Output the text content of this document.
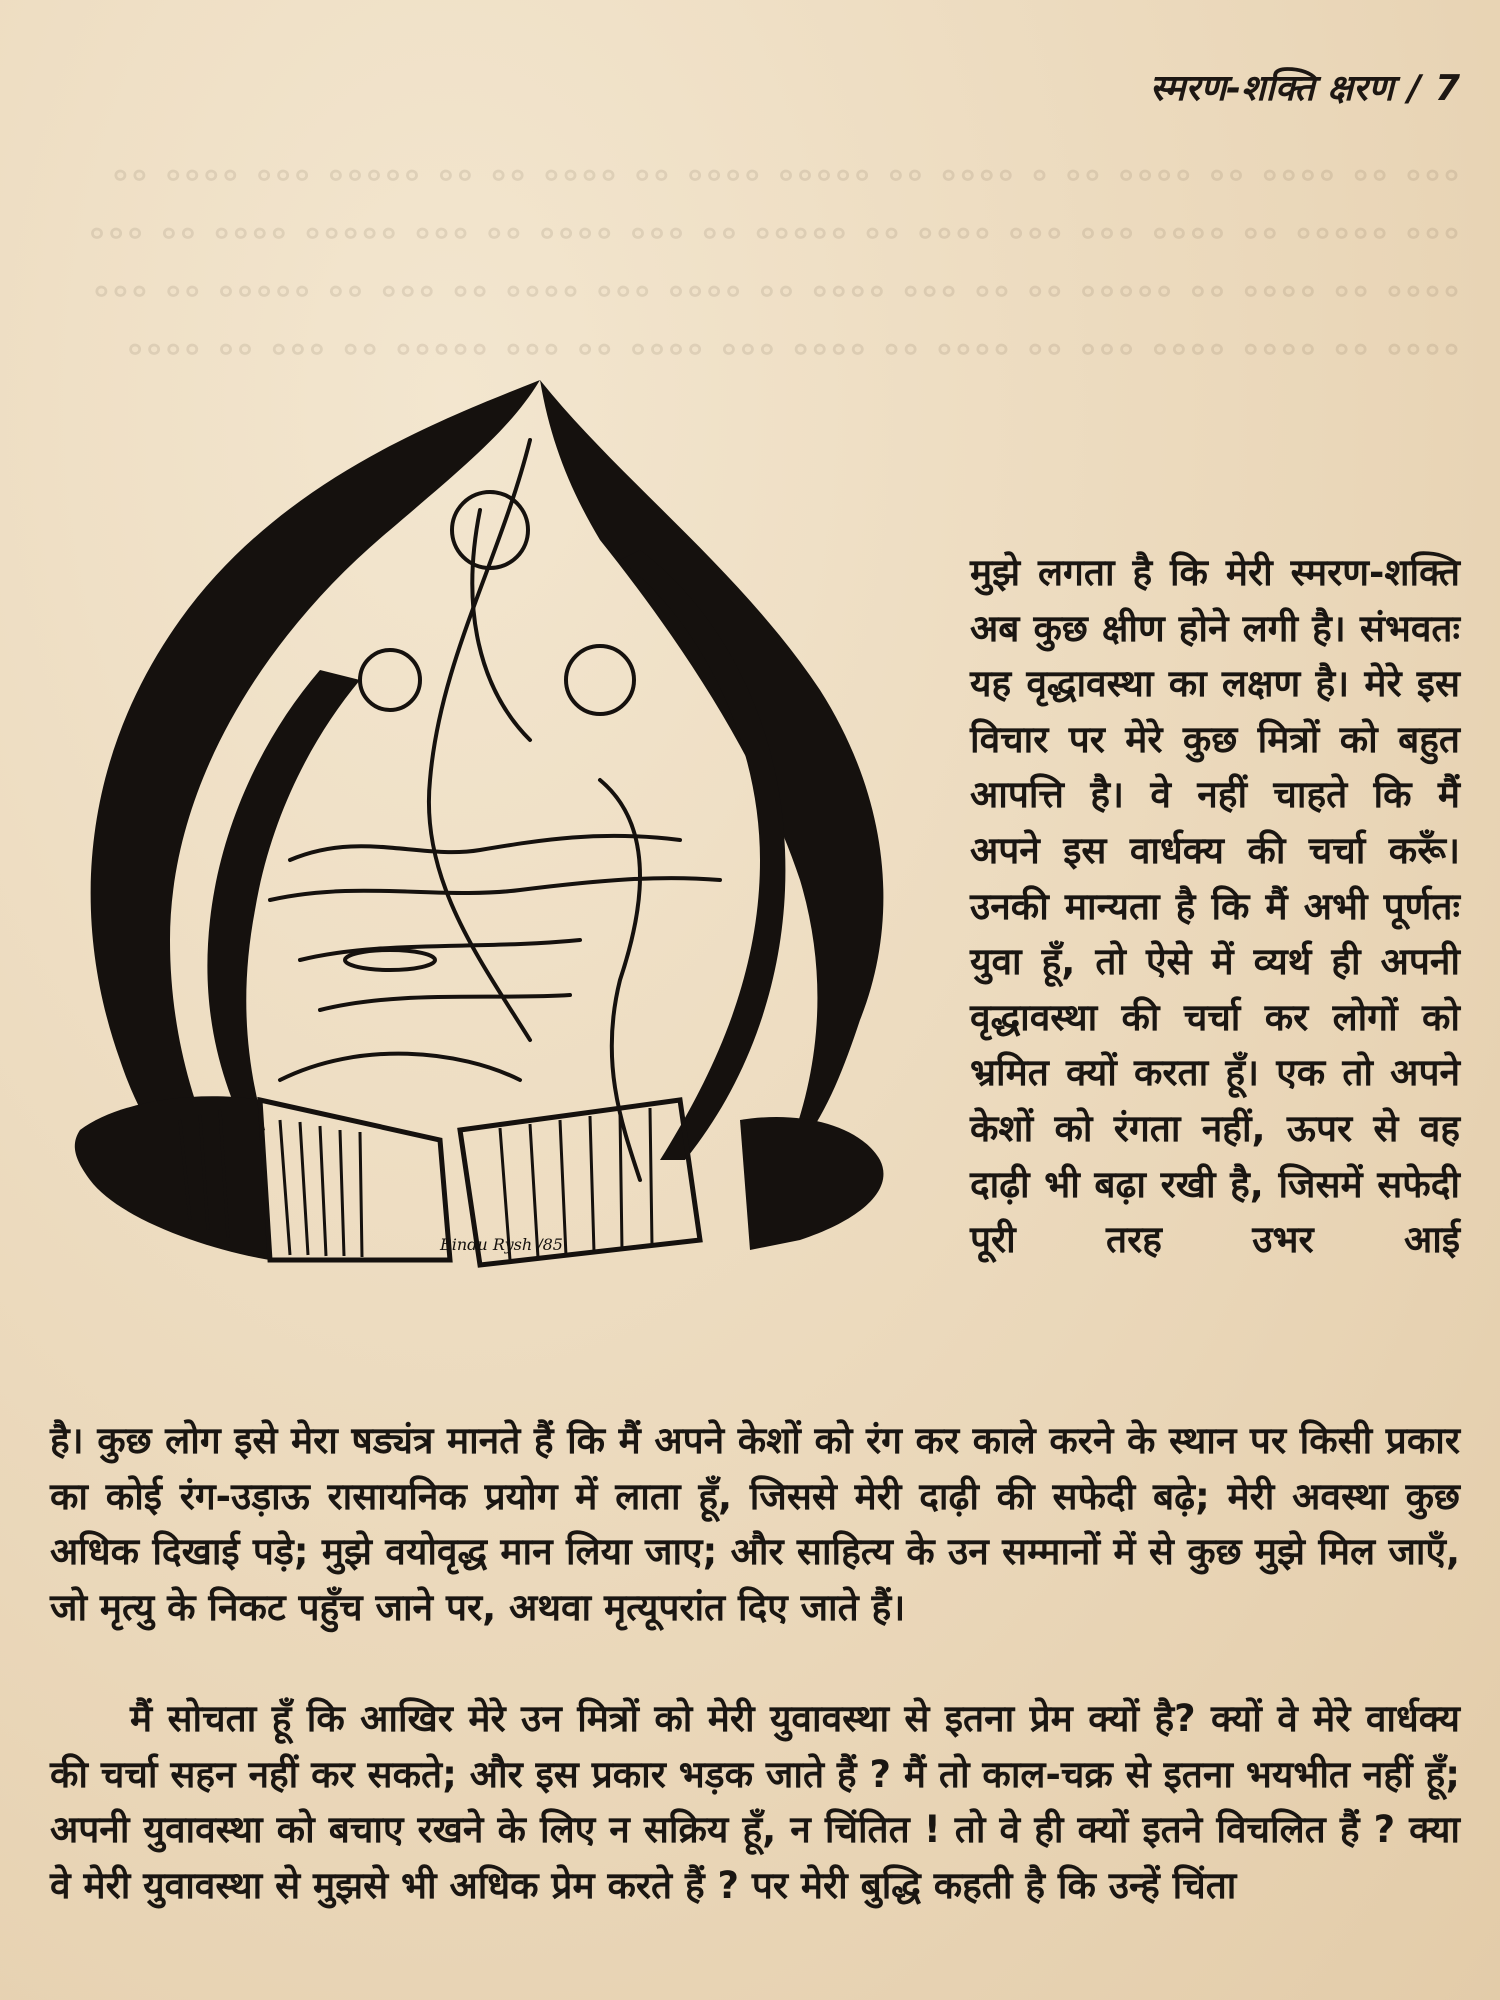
॰॰॰ ॰॰ ॰॰॰॰ ॰॰ ॰॰॰॰ ॰॰ ॰ ॰॰॰॰ ॰॰ ॰॰॰॰॰ ॰॰॰॰ ॰॰ ॰॰॰॰ ॰॰ ॰॰ ॰॰॰॰॰ ॰॰॰ ॰॰॰॰ ॰॰ ॰॰॰ ॰॰॰॰॰ ॰॰ ॰॰॰॰ ॰॰॰ ॰॰॰ ॰॰॰॰ ॰॰ ॰॰॰॰॰ ॰॰ ॰॰॰ ॰॰॰॰ ॰॰ ॰॰॰ ॰॰॰॰॰ ॰॰॰॰ ॰॰ ॰॰॰ ॰॰॰॰ ॰॰ ॰॰॰॰ ॰॰ ॰॰॰॰॰ ॰॰ ॰॰ ॰॰॰ ॰॰॰॰ ॰॰ ॰॰॰॰ ॰॰॰ ॰॰॰॰ ॰॰ ॰॰॰ ॰॰ ॰॰॰॰॰ ॰॰ ॰॰॰ ॰॰॰॰ ॰॰ ॰॰॰॰ ॰॰॰॰ ॰॰॰ ॰॰ ॰॰॰॰ ॰॰ ॰॰॰॰ ॰॰॰ ॰॰॰॰ ॰॰ ॰॰॰ ॰॰॰॰॰ ॰॰ ॰॰॰ ॰॰ ॰॰॰॰
स्मरण-शक्ति क्षरण / 7
Bindu Rysh /85

मुझे लगता है कि मेरी स्मरण-शक्ति अब कुछ क्षीण होने लगी है। संभवतः यह वृद्धावस्था का लक्षण है। मेरे इस विचार पर मेरे कुछ मित्रों को बहुत आपत्ति है। वे नहीं चाहते कि मैं अपने इस वार्धक्य की चर्चा करूँ। उनकी मान्यता है कि मैं अभी पूर्णतः युवा हूँ, तो ऐसे में व्यर्थ ही अपनी वृद्धावस्था की चर्चा कर लोगों को भ्रमित क्यों करता हूँ। एक तो अपने केशों को रंगता नहीं, ऊपर से वह दाढ़ी भी बढ़ा रखी है, जिसमें सफेदी पूरी तरह उभर आई

है। कुछ लोग इसे मेरा षड्यंत्र मानते हैं कि मैं अपने केशों को रंग कर काले करने के स्थान पर किसी प्रकार का कोई रंग-उड़ाऊ रासायनिक प्रयोग में लाता हूँ, जिससे मेरी दाढ़ी की सफेदी बढ़े; मेरी अवस्था कुछ अधिक दिखाई पड़े; मुझे वयोवृद्ध मान लिया जाए; और साहित्य के उन सम्मानों में से कुछ मुझे मिल जाएँ, जो मृत्यु के निकट पहुँच जाने पर, अथवा मृत्यूपरांत दिए जाते हैं।

मैं सोचता हूँ कि आखिर मेरे उन मित्रों को मेरी युवावस्था से इतना प्रेम क्यों है? क्यों वे मेरे वार्धक्य की चर्चा सहन नहीं कर सकते; और इस प्रकार भड़क जाते हैं ? मैं तो काल-चक्र से इतना भयभीत नहीं हूँ; अपनी युवावस्था को बचाए रखने के लिए न सक्रिय हूँ, न चिंतित ! तो वे ही क्यों इतने विचलित हैं ? क्या वे मेरी युवावस्था से मुझसे भी अधिक प्रेम करते हैं ? पर मेरी बुद्धि कहती है कि उन्हें चिंता
